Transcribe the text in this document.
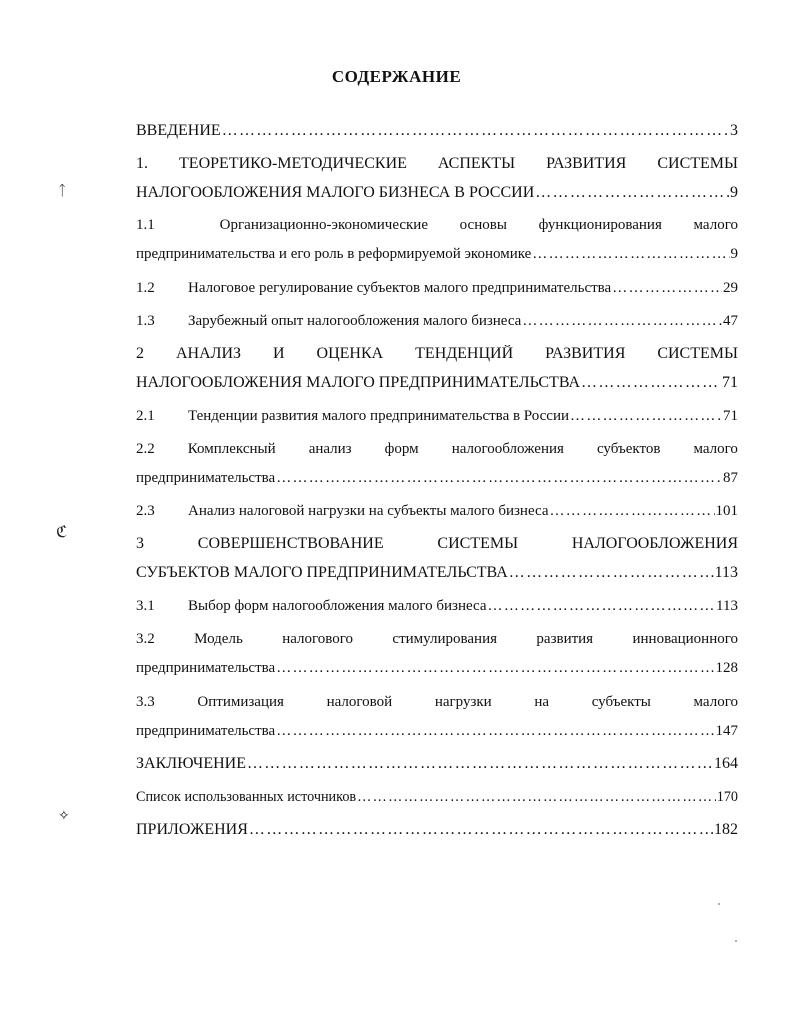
СОДЕРЖАНИЕ
ᛏ
ℭ
✧
ВВЕДЕНИЕ ………………………………………………………………………………………………………………………………………………	3
1. ТЕОРЕТИКО-МЕТОДИЧЕСКИЕ АСПЕКТЫ РАЗВИТИЯ СИСТЕМЫ
НАЛОГООБЛОЖЕНИЯ МАЛОГО БИЗНЕСА В РОССИИ ………………………………………………………………………………………………………………………………………………	9
1.1	Организационно-экономические основы функционирования малого
предпринимательства и его роль в реформируемой экономике ………………………………………………………………………………………………………………………………………………	9
1.2	Налоговое регулирование субъектов малого предпринимательства ………………………………………………………………………………………………………………………………………………	29
1.3	Зарубежный опыт налогообложения малого бизнеса ………………………………………………………………………………………………………………………………………………	47
2 АНАЛИЗ И ОЦЕНКА ТЕНДЕНЦИЙ РАЗВИТИЯ СИСТЕМЫ
НАЛОГООБЛОЖЕНИЯ МАЛОГО ПРЕДПРИНИМАТЕЛЬСТВА ………………………………………………………………………………………………………………………………………………	71
2.1	Тенденции развития малого предпринимательства в России ………………………………………………………………………………………………………………………………………………	71
2.2 Комплексный анализ форм налогообложения субъектов малого
предпринимательства ………………………………………………………………………………………………………………………………………………	87
2.3	Анализ налоговой нагрузки на субъекты малого бизнеса ………………………………………………………………………………………………………………………………………………	101
3	СОВЕРШЕНСТВОВАНИЕ	СИСТЕМЫ	НАЛОГООБЛОЖЕНИЯ
СУБЪЕКТОВ МАЛОГО ПРЕДПРИНИМАТЕЛЬСТВА ………………………………………………………………………………………………………………………………………………	113
3.1	Выбор форм налогообложения малого бизнеса ………………………………………………………………………………………………………………………………………………	113
3.2	Модель	налогового	стимулирования	развития	инновационного
предпринимательства ………………………………………………………………………………………………………………………………………………	128
3.3	Оптимизация	налоговой	нагрузки	на	субъекты	малого
предпринимательства ………………………………………………………………………………………………………………………………………………	147
ЗАКЛЮЧЕНИЕ ………………………………………………………………………………………………………………………………………………	164
Список использованных источников ………………………………………………………………………………………………………………………………………………	170
ПРИЛОЖЕНИЯ ………………………………………………………………………………………………………………………………………………	182
